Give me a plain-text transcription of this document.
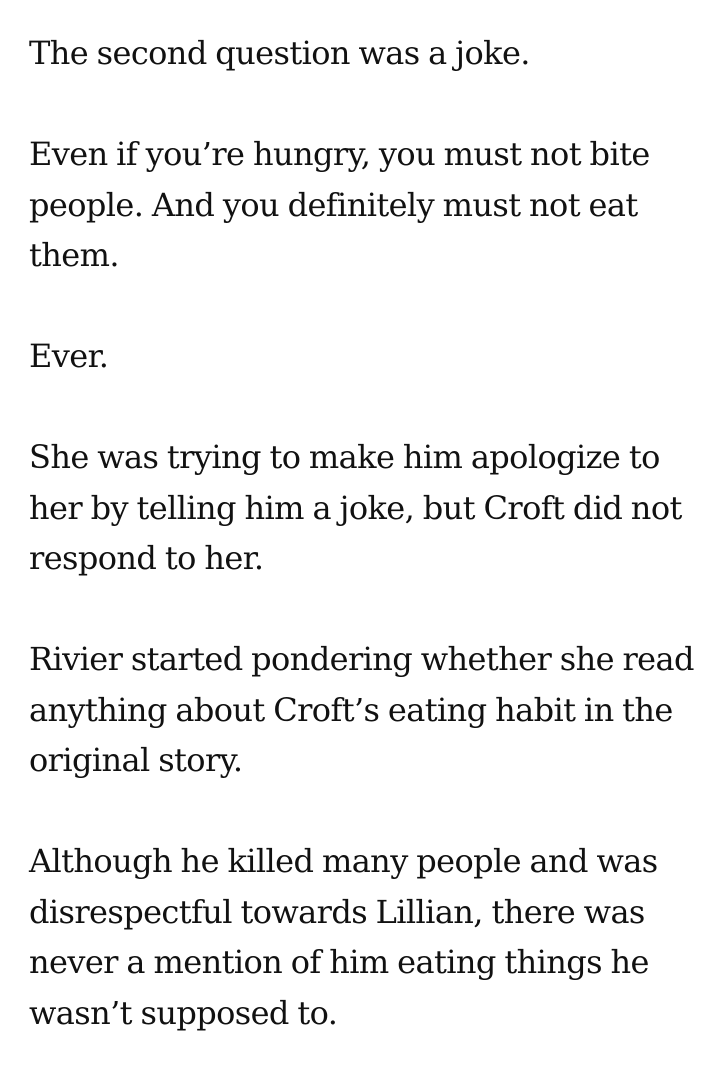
The second question was a joke.

Even if you’re hungry, you must not bite people. And you definitely must not eat them.

Ever.

She was trying to make him apologize to her by telling him a joke, but Croft did not respond to her.

Rivier started pondering whether she read anything about Croft’s eating habit in the original story.

Although he killed many people and was disrespectful towards Lillian, there was never a mention of him eating things he wasn’t supposed to.
